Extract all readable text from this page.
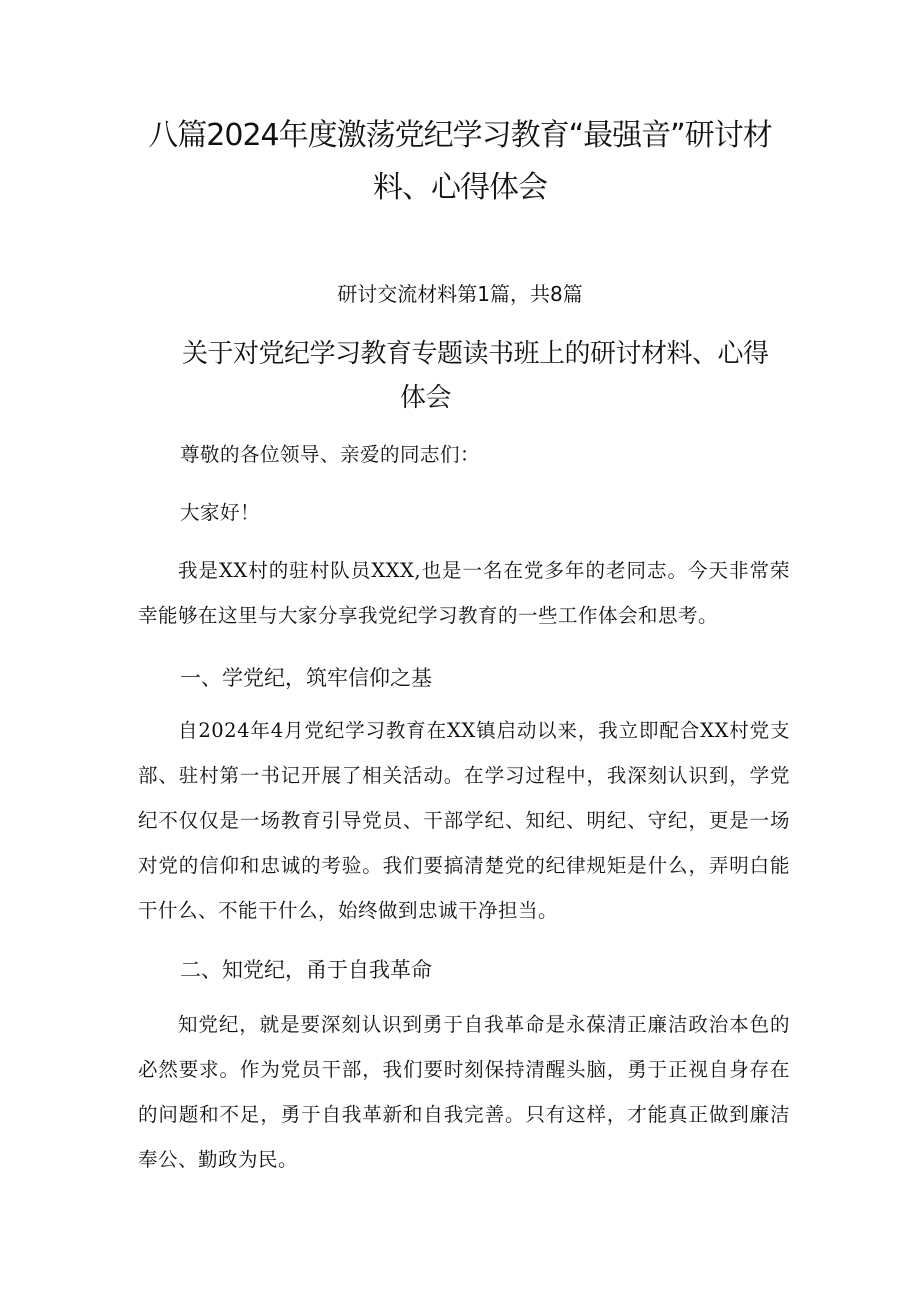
八篇2024年度激荡党纪学习教育“最强音”研讨材
料、心得体会

研讨交流材料第1篇，共8篇

关于对党纪学习教育专题读书班上的研讨材料、心得
体会

尊敬的各位领导、亲爱的同志们：

大家好！

我是XX村的驻村队员XXX,也是一名在党多年的老同志。今天非常荣幸能够在这里与大家分享我党纪学习教育的一些工作体会和思考。

一、学党纪，筑牢信仰之基

自2024年4月党纪学习教育在XX镇启动以来，我立即配合XX村党支部、驻村第一书记开展了相关活动。在学习过程中，我深刻认识到，学党纪不仅仅是一场教育引导党员、干部学纪、知纪、明纪、守纪，更是一场对党的信仰和忠诚的考验。我们要搞清楚党的纪律规矩是什么，弄明白能干什么、不能干什么，始终做到忠诚干净担当。

二、知党纪，甬于自我革命

知党纪，就是要深刻认识到勇于自我革命是永葆清正廉洁政治本色的必然要求。作为党员干部，我们要时刻保持清醒头脑，勇于正视自身存在的问题和不足，勇于自我革新和自我完善。只有这样，才能真正做到廉洁奉公、勤政为民。
